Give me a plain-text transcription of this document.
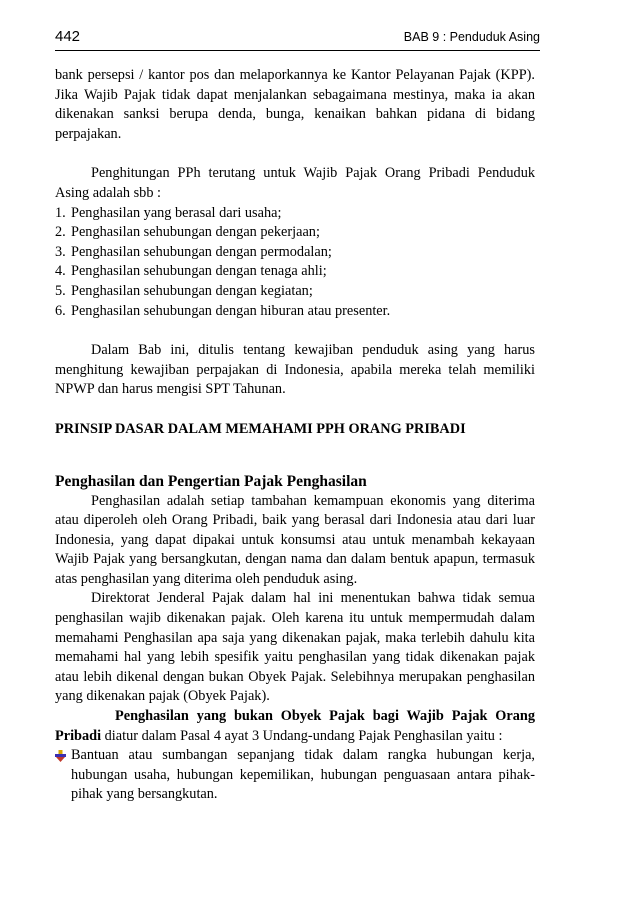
442	BAB 9 : Penduduk Asing

bank persepsi / kantor pos dan melaporkannya ke Kantor Pelayanan Pajak (KPP). Jika Wajib Pajak tidak dapat menjalankan sebagaimana mestinya, maka ia akan dikenakan sanksi berupa denda, bunga, kenaikan bahkan pidana di bidang perpajakan.

Penghitungan PPh terutang untuk Wajib Pajak Orang Pribadi Penduduk Asing adalah sbb :

1. Penghasilan yang berasal dari usaha;
2. Penghasilan sehubungan dengan pekerjaan;
3. Penghasilan sehubungan dengan permodalan;
4. Penghasilan sehubungan dengan tenaga ahli;
5. Penghasilan sehubungan dengan kegiatan;
6. Penghasilan sehubungan dengan hiburan atau presenter.

Dalam Bab ini, ditulis tentang kewajiban penduduk asing yang harus menghitung kewajiban perpajakan di Indonesia, apabila mereka telah memiliki NPWP dan harus mengisi SPT Tahunan.

PRINSIP DASAR DALAM MEMAHAMI PPH ORANG PRIBADI

Penghasilan dan Pengertian Pajak Penghasilan

Penghasilan adalah setiap tambahan kemampuan ekonomis yang diterima atau diperoleh oleh Orang Pribadi, baik yang berasal dari Indonesia atau dari luar Indonesia, yang dapat dipakai untuk konsumsi atau untuk menambah kekayaan Wajib Pajak yang bersangkutan, dengan nama dan dalam bentuk apapun, termasuk atas penghasilan yang diterima oleh penduduk asing.

Direktorat Jenderal Pajak dalam hal ini menentukan bahwa tidak semua penghasilan wajib dikenakan pajak. Oleh karena itu untuk mempermudah dalam memahami Penghasilan apa saja yang dikenakan pajak, maka terlebih dahulu kita memahami hal yang lebih spesifik yaitu penghasilan yang tidak dikenakan pajak atau lebih dikenal dengan bukan Obyek Pajak. Selebihnya merupakan penghasilan yang dikenakan pajak (Obyek Pajak).

Penghasilan yang bukan Obyek Pajak bagi Wajib Pajak Orang Pribadi diatur dalam Pasal 4 ayat 3 Undang-undang Pajak Penghasilan yaitu :

Bantuan atau sumbangan sepanjang tidak dalam rangka hubungan kerja, hubungan usaha, hubungan kepemilikan, hubungan penguasaan antara pihak-pihak yang bersangkutan.
